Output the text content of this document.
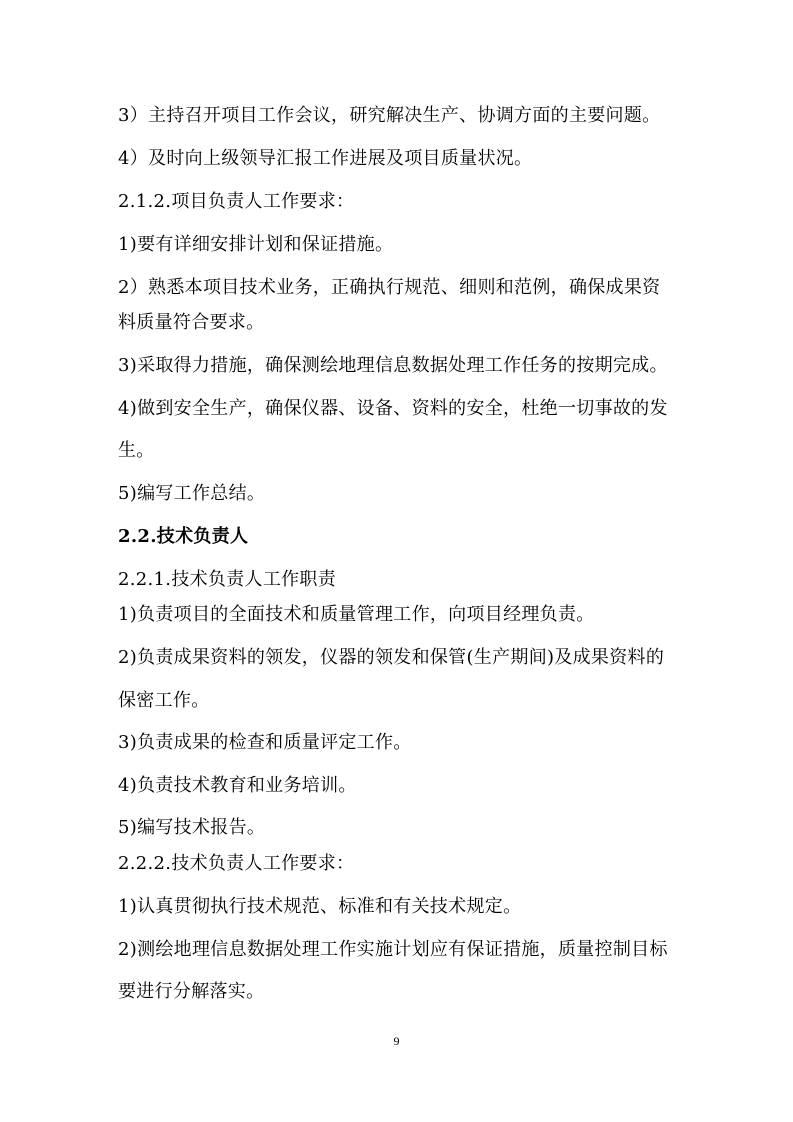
3）主持召开项目工作会议，研究解决生产、协调方面的主要问题。
4）及时向上级领导汇报工作进展及项目质量状况。
2.1.2.项目负责人工作要求：
1)要有详细安排计划和保证措施。
2）熟悉本项目技术业务，正确执行规范、细则和范例，确保成果资
料质量符合要求。
3)采取得力措施，确保测绘地理信息数据处理工作任务的按期完成。
4)做到安全生产，确保仪器、设备、资料的安全，杜绝一切事故的发
生。
5)编写工作总结。
2.2.技术负责人
2.2.1.技术负责人工作职责
1)负责项目的全面技术和质量管理工作，向项目经理负责。
2)负责成果资料的领发，仪器的领发和保管(生产期间)及成果资料的
保密工作。
3)负责成果的检查和质量评定工作。
4)负责技术教育和业务培训。
5)编写技术报告。
2.2.2.技术负责人工作要求：
1)认真贯彻执行技术规范、标准和有关技术规定。
2)测绘地理信息数据处理工作实施计划应有保证措施，质量控制目标
要进行分解落实。
9
